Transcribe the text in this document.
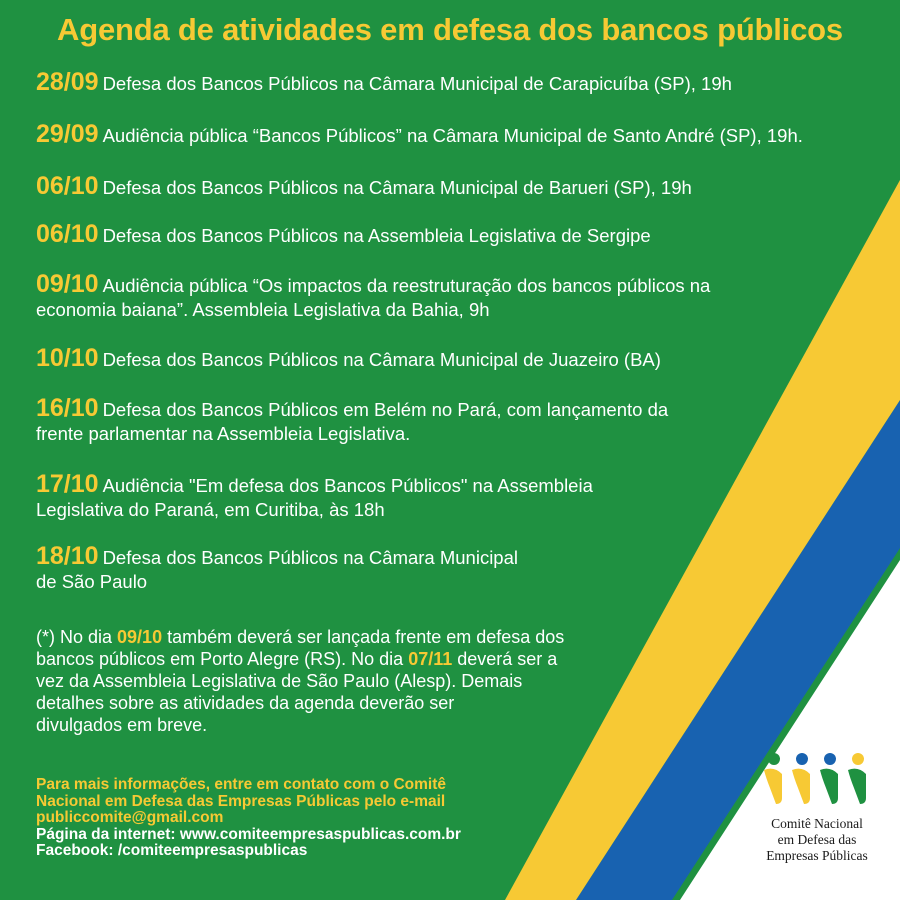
Agenda de atividades em defesa dos bancos públicos
28/09 Defesa dos Bancos Públicos na Câmara Municipal de Carapicuíba (SP), 19h
29/09 Audiência pública “Bancos Públicos” na Câmara Municipal de Santo André (SP), 19h.
06/10 Defesa dos Bancos Públicos na Câmara Municipal de Barueri (SP), 19h
06/10 Defesa dos Bancos Públicos na Assembleia Legislativa de Sergipe
09/10 Audiência pública “Os impactos da reestruturação dos bancos públicos na
economia baiana”. Assembleia Legislativa da Bahia, 9h
10/10 Defesa dos Bancos Públicos na Câmara Municipal de Juazeiro (BA)
16/10 Defesa dos Bancos Públicos em Belém no Pará, com lançamento da
frente parlamentar na Assembleia Legislativa.
17/10 Audiência "Em defesa dos Bancos Públicos" na Assembleia
Legislativa do Paraná, em Curitiba, às 18h
18/10 Defesa dos Bancos Públicos na Câmara Municipal
de São Paulo
(*) No dia 09/10 também deverá ser lançada frente em defesa dos
bancos públicos em Porto Alegre (RS). No dia 07/11 deverá ser a
vez da Assembleia Legislativa de São Paulo (Alesp). Demais
detalhes sobre as atividades da agenda deverão ser
divulgados em breve.
Para mais informações, entre em contato com o Comitê
Nacional em Defesa das Empresas Públicas pelo e-mail
publiccomite@gmail.com
Página da internet: www.comiteempresaspublicas.com.br
Facebook: /comiteempresaspublicas
Comitê Nacional
em Defesa das
Empresas Públicas
